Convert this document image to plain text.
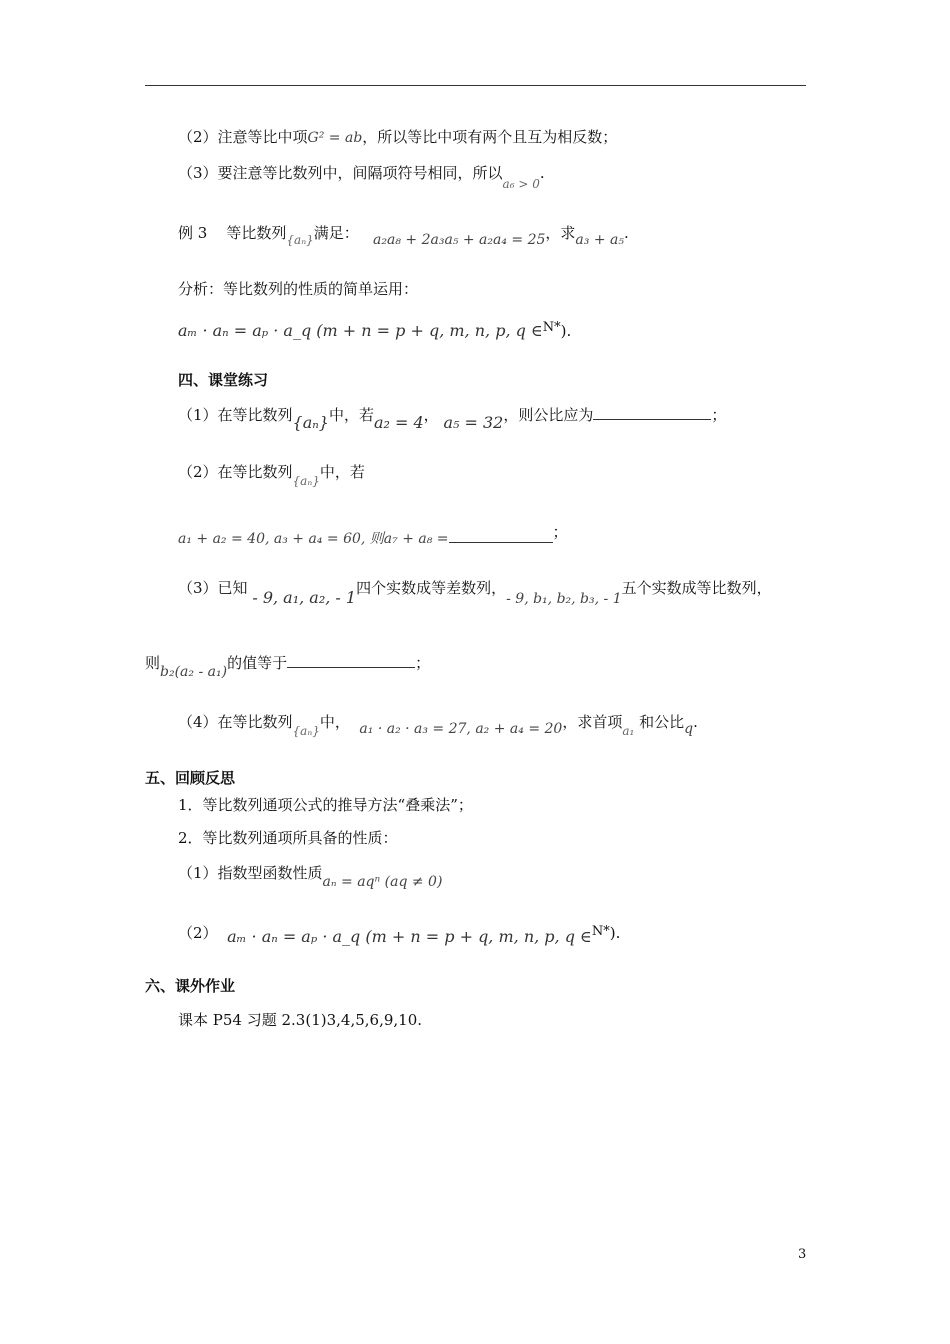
（2）注意等比中项G² = ab，所以等比中项有两个且互为相反数；
（3）要注意等比数列中，间隔项符号相同，所以$_{a_6 > 0}$.
例 3 等比数列$_{\{a_n\}}$满足： a₂a₈ + 2a₃a₅ + a₂a₄ = 25，求a₃ + a₅.
分析：等比数列的性质的简单运用：
aₘ · aₙ = aₚ · a_q (m + n = p + q, m, n, p, q ∈N*).
四、课堂练习
（1）在等比数列{aₙ}中，若a₂ = 4， a₅ = 32，则公比应为	；
（2）在等比数列$_{\{a_n\}}$中，若
a₁ + a₂ = 40, a₃ + a₄ = 60, 则a₇ + a₈ =	；
（3）已知 - 9, a₁, a₂, - 1四个实数成等差数列，- 9, b₁, b₂, b₃, - 1五个实数成等比数列，
则b₂(a₂ - a₁)的值等于	；
（4）在等比数列$_{\{a_n\}}$中， a₁ · a₂ · a₃ = 27, a₂ + a₄ = 20，求首项$_{a_1}$ 和公比q.
五、回顾反思
1．等比数列通项公式的推导方法“叠乘法”；
2．等比数列通项所具备的性质：
（1）指数型函数性质aₙ = aqⁿ (aq ≠ 0)
（2） aₘ · aₙ = aₚ · a_q (m + n = p + q, m, n, p, q ∈N*).
六、课外作业
课本 P54 习题 2.3(1)3,4,5,6,9,10.
3
